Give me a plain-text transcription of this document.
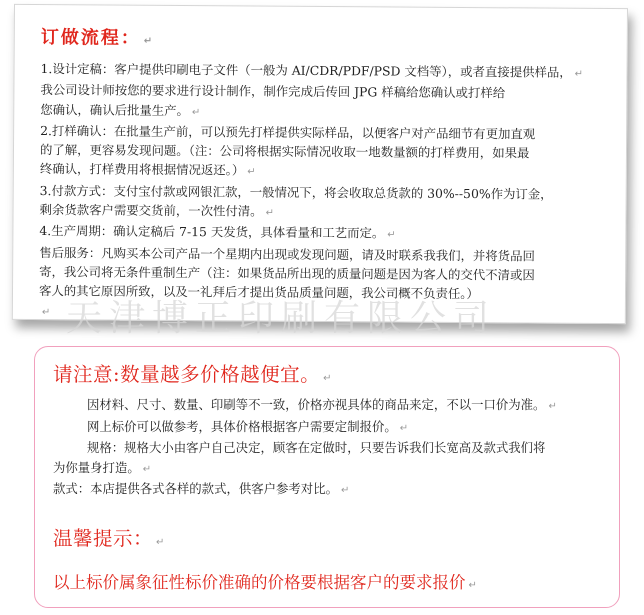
订做流程： ↵
1.设计定稿：客户提供印刷电子文件（一般为 AI/CDR/PDF/PSD 文档等），或者直接提供样品， ↵
我公司设计师按您的要求进行设计制作，制作完成后传回 JPG 样稿给您确认或打样给
您确认，确认后批量生产。 ↵
2.打样确认：在批量生产前，可以预先打样提供实际样品，以便客户对产品细节有更加直观
的了解，更容易发现问题。（注：公司将根据实际情况收取一地数量额的打样费用，如果最
终确认，打样费用将根据情况返还。） ↵
3.付款方式：支付宝付款或网银汇款，一般情况下，将会收取总货款的 30%--50%作为订金，
剩余货款客户需要交货前，一次性付清。 ↵
4.生产周期：确认定稿后 7-15 天发货，具体看量和工艺而定。 ↵
售后服务：凡购买本公司产品一个星期内出现或发现问题，请及时联系我我们，并将货品回
寄，我公司将无条件重制生产（注：如果货品所出现的质量问题是因为客人的交代不清或因
客人的其它原因所致，以及一礼拜后才提出货品质量问题，我公司概不负责任。）
↵ 天津博正印刷有限公司
请注意:数量越多价格越便宜。 ↵
因材料、尺寸、数量、印刷等不一致，价格亦视具体的商品来定，不以一口价为准。 ↵
网上标价可以做参考，具体价格根据客户需要定制报价。 ↵
规格：规格大小由客户自己决定，顾客在定做时，只要告诉我们长宽高及款式我们将
为你量身打造。 ↵
款式：本店提供各式各样的款式，供客户参考对比。 ↵
温馨提示： ↵
以上标价属象征性标价准确的价格要根据客户的要求报价 ↵
